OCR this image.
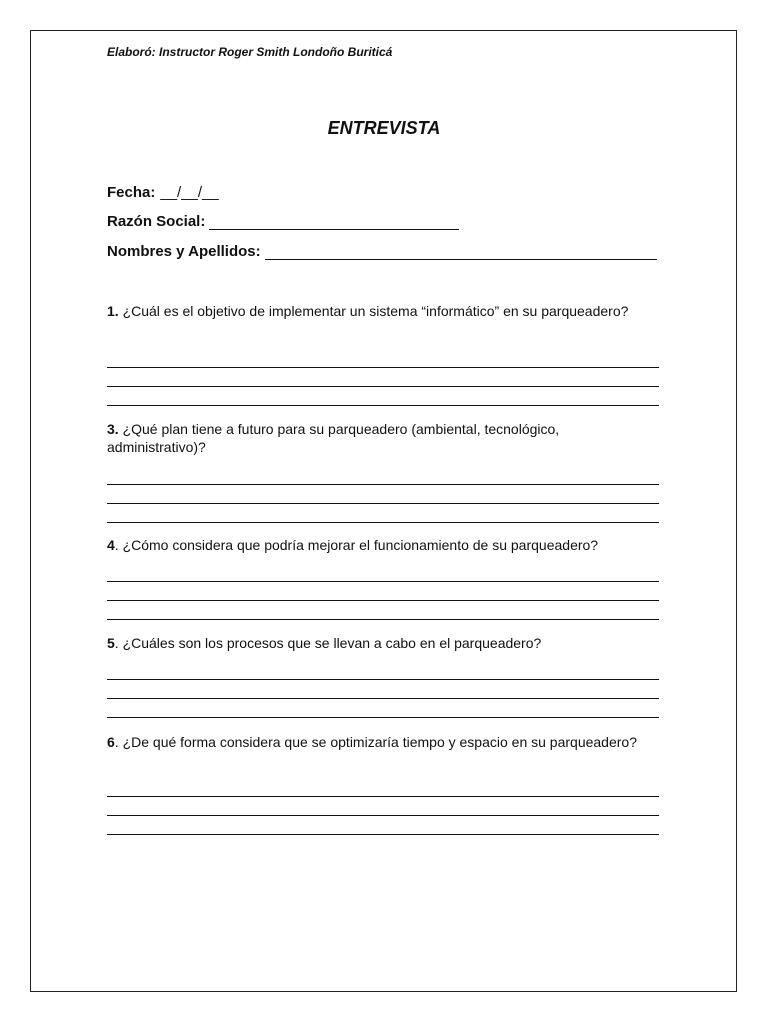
Elaboró: Instructor Roger Smith Londoño Buriticá
ENTREVISTA
Fecha: __/__/__
Razón Social:
Nombres y Apellidos:
1. ¿Cuál es el objetivo de implementar un sistema “informático” en su parqueadero?
3. ¿Qué plan tiene a futuro para su parqueadero (ambiental, tecnológico, administrativo)?
4. ¿Cómo considera que podría mejorar el funcionamiento de su parqueadero?
5. ¿Cuáles son los procesos que se llevan a cabo en el parqueadero?
6. ¿De qué forma considera que se optimizaría tiempo y espacio en su parqueadero?
